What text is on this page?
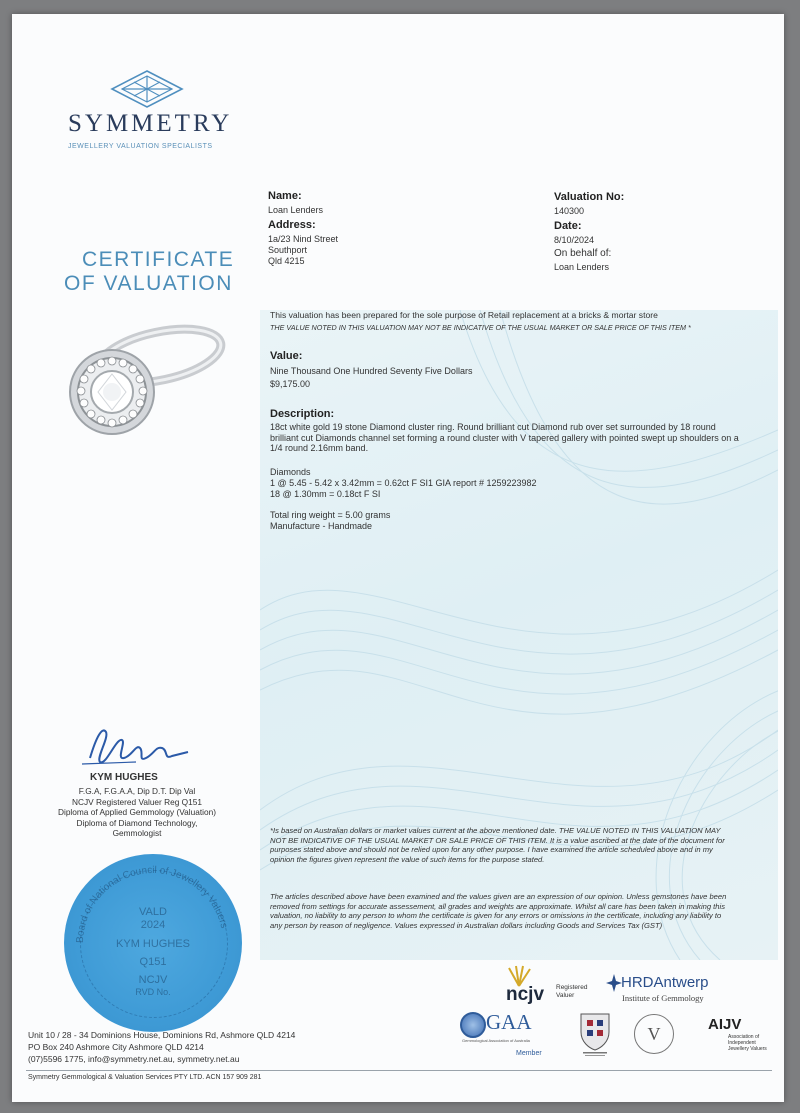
SYMMETRY
JEWELLERY VALUATION SPECIALISTS
CERTIFICATE
OF VALUATION
Name:
Loan Lenders
Address:
1a/23 Nind Street
Southport
Qld 4215
Valuation No:
140300
Date:
8/10/2024
On behalf of:
Loan Lenders
This valuation has been prepared for the sole purpose of Retail replacement at a bricks & mortar store
THE VALUE NOTED IN THIS VALUATION MAY NOT BE INDICATIVE OF THE USUAL MARKET OR SALE PRICE OF THIS ITEM *
Value:
Nine Thousand One Hundred Seventy Five Dollars
$9,175.00
Description:
18ct white gold 19 stone Diamond cluster ring. Round brilliant cut Diamond rub over set surrounded by 18 round brilliant cut Diamonds channel set forming a round cluster with V tapered gallery with pointed swept up shoulders on a 1/4 round 2.16mm band.
Diamonds
1 @ 5.45 - 5.42 x 3.42mm = 0.62ct F SI1 GIA report # 1259223982
18 @ 1.30mm = 0.18ct F SI
Total ring weight = 5.00 grams
Manufacture - Handmade
*Is based on Australian dollars or market values current at the above mentioned date. THE VALUE NOTED IN THIS VALUATION MAY NOT BE INDICATIVE OF THE USUAL MARKET OR SALE PRICE OF THIS ITEM. It is a value ascribed at the date of the document for purposes stated above and should not be relied upon for any other purpose. I have examined the article scheduled above and in my opinion the figures given represent the value of such items for the purpose stated.
The articles described above have been examined and the values given are an expression of our opinion. Unless gemstones have been removed from settings for accurate assessement, all grades and weights are approximate. Whilst all care has been taken in making this valuation, no liability to any person to whom the certificate is given for any errors or omissions in the certificate, including any liability to any person by reason of negligence. Values expressed in Australian dollars including Goods and Services Tax (GST)
KYM HUGHES
F.G.A, F.G.A.A, Dip D.T. Dip Val
NCJV Registered Valuer Reg Q151
Diploma of Applied Gemmology (Valuation)
Diploma of Diamond Technology,
Gemmologist
Board of National Council of Jewellery Valuers
VALD
2024
KYM HUGHES
Q151
NCJV
RVD No.
Unit 10 / 28 - 34 Dominions House, Dominions Rd, Ashmore QLD 4214
PO Box 240 Ashmore City Ashmore QLD 4214
(07)5596 1775, info@symmetry.net.au, symmetry.net.au
Symmetry Gemmological & Valuation Services PTY LTD. ACN 157 909 281
ncjv Registered
Valuer
HRDAntwerp
Institute of Gemmology
GAA
Gemmological Association of Australia
Member
V	AIJV
Association of
Independent
Jewellery Valuers
